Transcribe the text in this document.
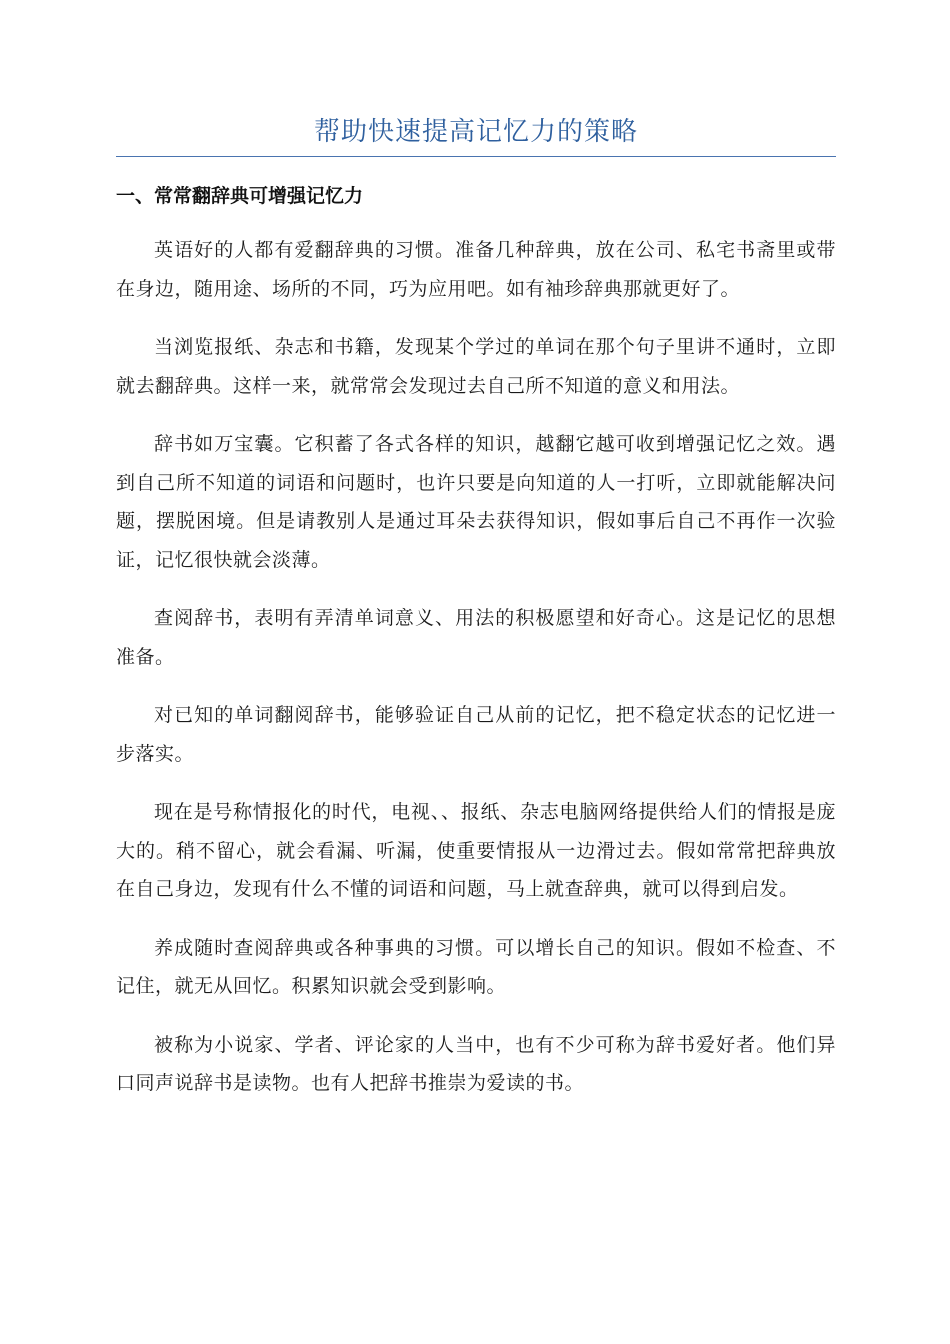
帮助快速提高记忆力的策略
一、常常翻辞典可增强记忆力

英语好的人都有爱翻辞典的习惯。准备几种辞典，放在公司、私宅书斋里或带在身边，随用途、场所的不同，巧为应用吧。如有袖珍辞典那就更好了。

当浏览报纸、杂志和书籍，发现某个学过的单词在那个句子里讲不通时，立即就去翻辞典。这样一来，就常常会发现过去自己所不知道的意义和用法。

辞书如万宝囊。它积蓄了各式各样的知识，越翻它越可收到增强记忆之效。遇到自己所不知道的词语和问题时，也许只要是向知道的人一打听，立即就能解决问题，摆脱困境。但是请教别人是通过耳朵去获得知识，假如事后自己不再作一次验证，记忆很快就会淡薄。

查阅辞书，表明有弄清单词意义、用法的积极愿望和好奇心。这是记忆的思想准备。

对已知的单词翻阅辞书，能够验证自己从前的记忆，把不稳定状态的记忆进一步落实。

现在是号称情报化的时代，电视、、报纸、杂志电脑网络提供给人们的情报是庞大的。稍不留心，就会看漏、听漏，使重要情报从一边滑过去。假如常常把辞典放在自己身边，发现有什么不懂的词语和问题，马上就查辞典，就可以得到启发。

养成随时查阅辞典或各种事典的习惯。可以增长自己的知识。假如不检查、不记住，就无从回忆。积累知识就会受到影响。

被称为小说家、学者、评论家的人当中，也有不少可称为辞书爱好者。他们异口同声说辞书是读物。也有人把辞书推崇为爱读的书。
